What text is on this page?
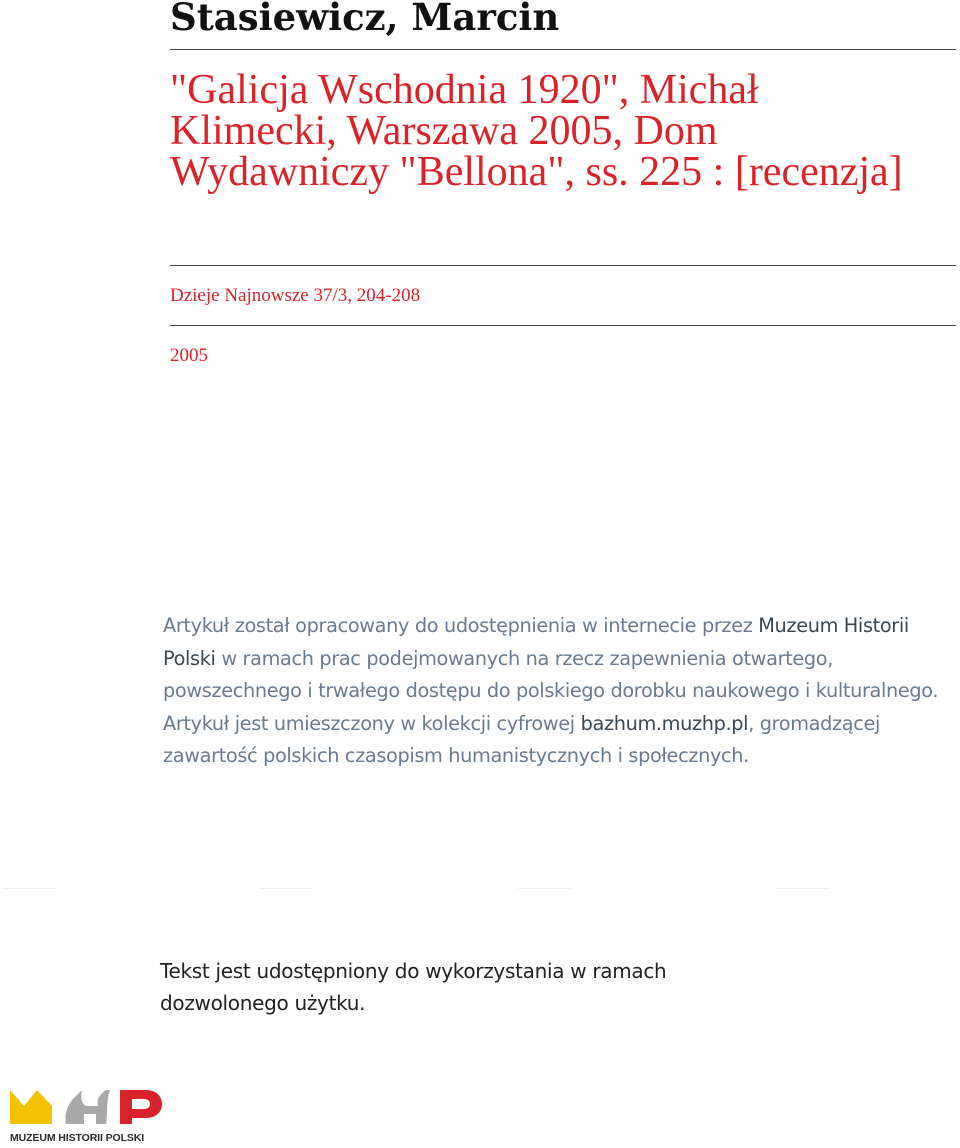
Stasiewicz, Marcin
"Galicja Wschodnia 1920", Michał Klimecki, Warszawa 2005, Dom Wydawniczy "Bellona", ss. 225 : [recenzja]

Dzieje Najnowsze 37/3, 204-208

2005

Artykuł został opracowany do udostępnienia w internecie przez Muzeum Historii Polski w ramach prac podejmowanych na rzecz zapewnienia otwartego, powszechnego i trwałego dostępu do polskiego dorobku naukowego i kulturalnego. Artykuł jest umieszczony w kolekcji cyfrowej bazhum.muzhp.pl, gromadzącej zawartość polskich czasopism humanistycznych i społecznych.

Tekst jest udostępniony do wykorzystania w ramach dozwolonego użytku.

MUZEUM HISTORII POLSKI
